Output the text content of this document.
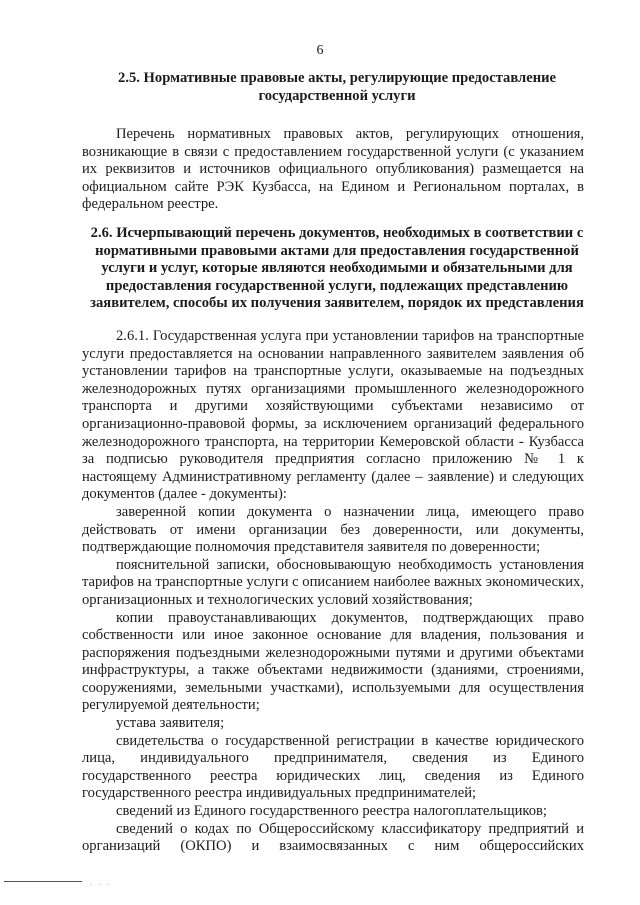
6
2.5. Нормативные правовые акты, регулирующие предоставление
государственной услуги
Перечень нормативных правовых актов, регулирующих отношения, возникающие в связи с предоставлением государственной услуги (с указанием их реквизитов и источников официального опубликования) размещается на официальном сайте РЭК Кузбасса, на Едином и Региональном порталах, в федеральном реестре.
2.6. Исчерпывающий перечень документов, необходимых в соответствии с
нормативными правовыми актами для предоставления государственной
услуги и услуг, которые являются необходимыми и обязательными для
предоставления государственной услуги, подлежащих представлению
заявителем, способы их получения заявителем, порядок их представления
2.6.1. Государственная услуга при установлении тарифов на транспортные услуги предоставляется на основании направленного заявителем заявления об установлении тарифов на транспортные услуги, оказываемые на подъездных железнодорожных путях организациями промышленного железнодорожного транспорта и другими хозяйствующими субъектами независимо от организационно-правовой формы, за исключением организаций федерального железнодорожного транспорта, на территории Кемеровской области - Кузбасса за подписью руководителя предприятия согласно приложению № 1 к настоящему Административному регламенту (далее – заявление) и следующих документов (далее - документы):
заверенной копии документа о назначении лица, имеющего право действовать от имени организации без доверенности, или документы, подтверждающие полномочия представителя заявителя по доверенности;
пояснительной записки, обосновывающую необходимость установления тарифов на транспортные услуги с описанием наиболее важных экономических, организационных и технологических условий хозяйствования;
копии правоустанавливающих документов, подтверждающих право собственности или иное законное основание для владения, пользования и распоряжения подъездными железнодорожными путями и другими объектами инфраструктуры, а также объектами недвижимости (зданиями, строениями, сооружениями, земельными участками), используемыми для осуществления регулируемой деятельности;
устава заявителя;
свидетельства о государственной регистрации в качестве юридического лица, индивидуального предпринимателя, сведения из Единого государственного реестра юридических лиц, сведения из Единого государственного реестра индивидуальных предпринимателей;
сведений из Единого государственного реестра налогоплательщиков;
сведений о кодах по Общероссийскому классификатору предприятий и организаций (ОКПО) и взаимосвязанных с ним общероссийских
· · ·
